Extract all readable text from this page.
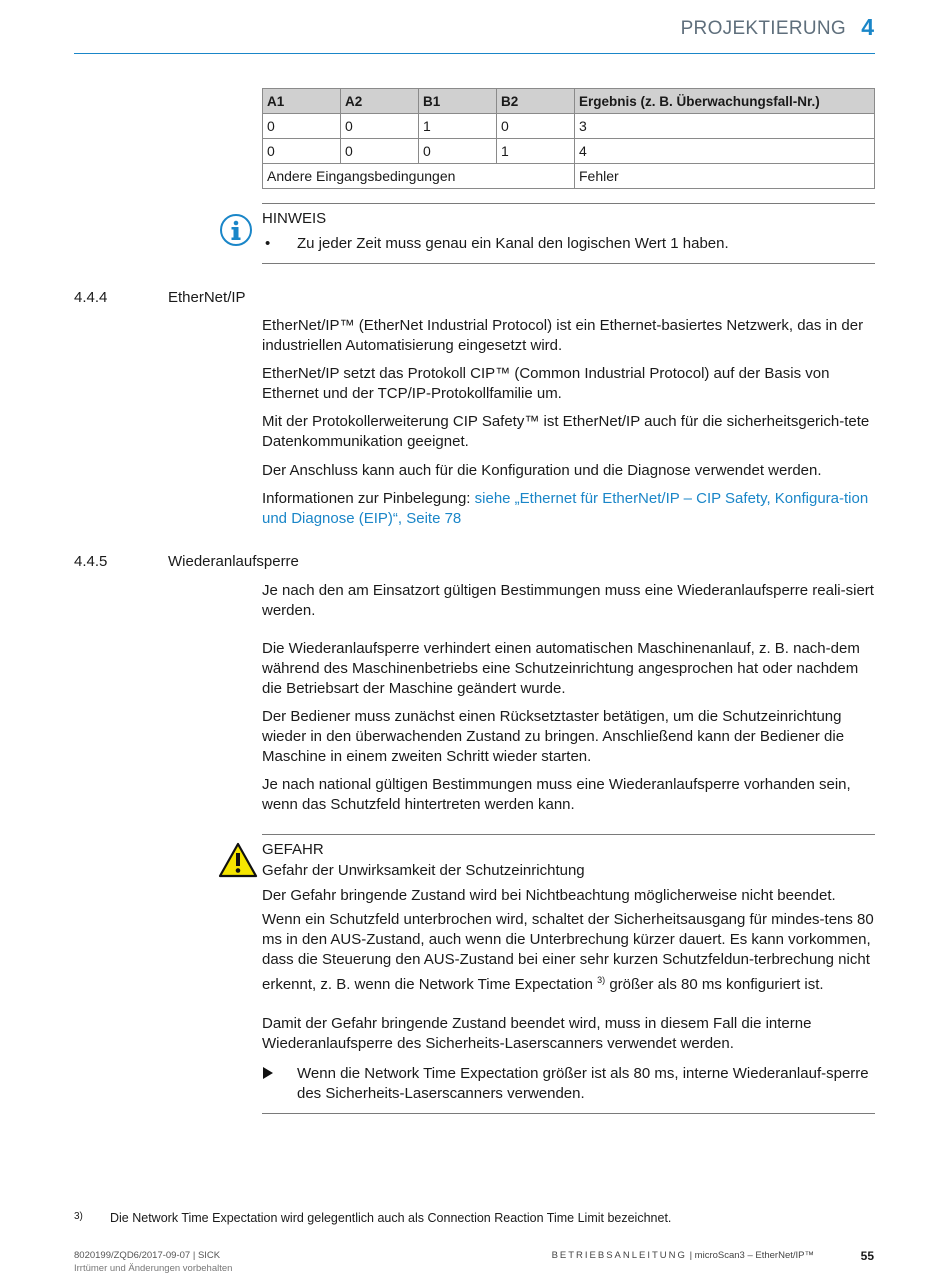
PROJEKTIERUNG 4
A1	A2	B1	B2	Ergebnis (z. B. Überwachungsfall-Nr.)
0	0	1	0	3
0	0	0	1	4
Andere Eingangsbedingungen				Fehler
HINWEIS
• Zu jeder Zeit muss genau ein Kanal den logischen Wert 1 haben.
4.4.4	EtherNet/IP
EtherNet/IP™ (EtherNet Industrial Protocol) ist ein Ethernet-basiertes Netzwerk, das in der industriellen Automatisierung eingesetzt wird.
EtherNet/IP setzt das Protokoll CIP™ (Common Industrial Protocol) auf der Basis von Ethernet und der TCP/IP-Protokollfamilie um.
Mit der Protokollerweiterung CIP Safety™ ist EtherNet/IP auch für die sicherheitsgerich-tete Datenkommunikation geeignet.
Der Anschluss kann auch für die Konfiguration und die Diagnose verwendet werden.
Informationen zur Pinbelegung: siehe „Ethernet für EtherNet/IP – CIP Safety, Konfigura-tion und Diagnose (EIP)“, Seite 78
4.4.5	Wiederanlaufsperre
Je nach den am Einsatzort gültigen Bestimmungen muss eine Wiederanlaufsperre reali-siert werden.
Die Wiederanlaufsperre verhindert einen automatischen Maschinenanlauf, z. B. nach-dem während des Maschinenbetriebs eine Schutzeinrichtung angesprochen hat oder nachdem die Betriebsart der Maschine geändert wurde.
Der Bediener muss zunächst einen Rücksetztaster betätigen, um die Schutzeinrichtung wieder in den überwachenden Zustand zu bringen. Anschließend kann der Bediener die Maschine in einem zweiten Schritt wieder starten.
Je nach national gültigen Bestimmungen muss eine Wiederanlaufsperre vorhanden sein, wenn das Schutzfeld hintertreten werden kann.
GEFAHR
Gefahr der Unwirksamkeit der Schutzeinrichtung
Der Gefahr bringende Zustand wird bei Nichtbeachtung möglicherweise nicht beendet.
Wenn ein Schutzfeld unterbrochen wird, schaltet der Sicherheitsausgang für mindes-tens 80 ms in den AUS-Zustand, auch wenn die Unterbrechung kürzer dauert. Es kann vorkommen, dass die Steuerung den AUS-Zustand bei einer sehr kurzen Schutzfeldun-terbrechung nicht erkennt, z. B. wenn die Network Time Expectation $^{3)}$ größer als 80 ms konfiguriert ist.
Damit der Gefahr bringende Zustand beendet wird, muss in diesem Fall die interne Wiederanlaufsperre des Sicherheits-Laserscanners verwendet werden.
Wenn die Network Time Expectation größer ist als 80 ms, interne Wiederanlauf-sperre des Sicherheits-Laserscanners verwenden.
3) Die Network Time Expectation wird gelegentlich auch als Connection Reaction Time Limit bezeichnet.
8020199/ZQD6/2017-09-07 | SICK
Irrtümer und Änderungen vorbehalten
BETRIEBSANLEITUNG | microScan3 – EtherNet/IP™	55
